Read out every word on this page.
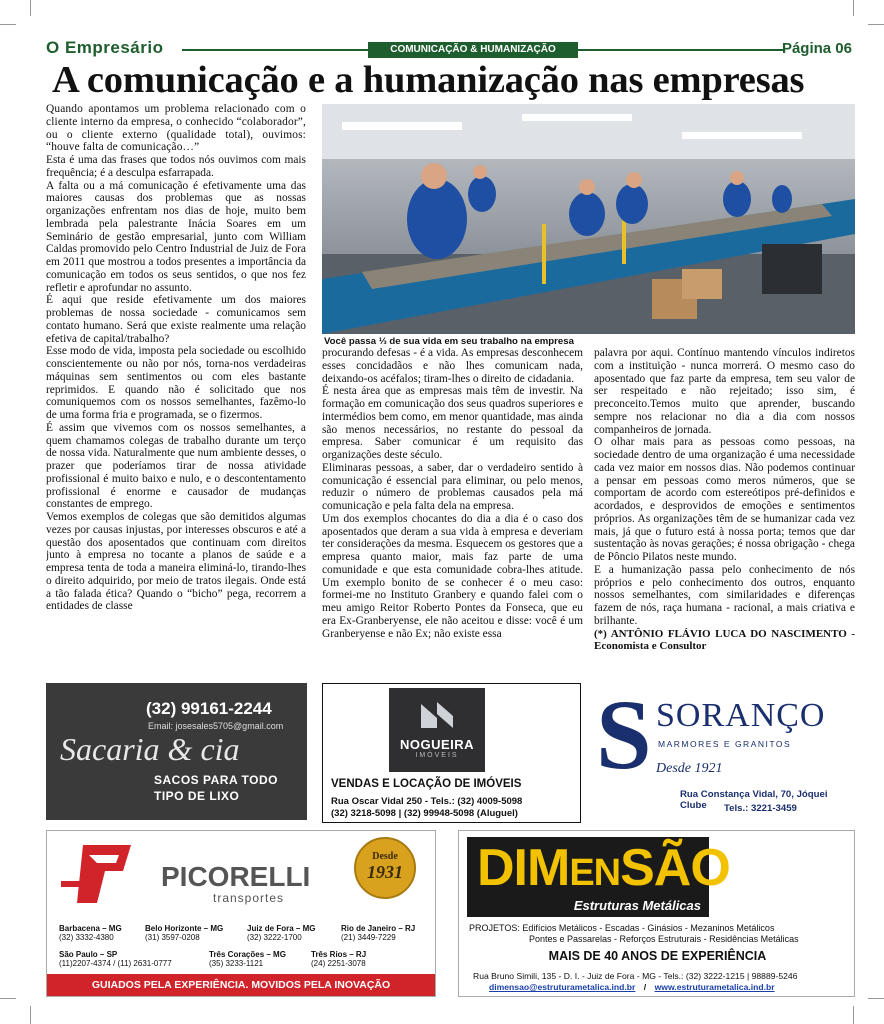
O Empresário	COMUNICAÇÃO & HUMANIZAÇÃO	Página 06
A comunicação e a humanização nas empresas

Quando apontamos um problema relacionado com o cliente interno da empresa, o conhecido “colaborador”, ou o cliente externo (qualidade total), ouvimos: “houve falta de comunicação…”

Esta é uma das frases que todos nós ouvimos com mais frequência; é a desculpa esfarrapada.

A falta ou a má comunicação é efetivamente uma das maiores causas dos problemas que as nossas organizações enfrentam nos dias de hoje, muito bem lembrada pela palestrante Inácia Soares em um Seminário de gestão empresarial, junto com William Caldas promovido pelo Centro Industrial de Juiz de Fora em 2011 que mostrou a todos presentes a importância da comunicação em todos os seus sentidos, o que nos fez refletir e aprofundar no assunto.

É aqui que reside efetivamente um dos maiores problemas de nossa sociedade - comunicamos sem contato humano. Será que existe realmente uma relação efetiva de capital/trabalho?

Esse modo de vida, imposta pela sociedade ou escolhido conscientemente ou não por nós, torna-nos verdadeiras máquinas sem sentimentos ou com eles bastante reprimidos. E quando não é solicitado que nos comuniquemos com os nossos semelhantes, fazêmo-lo de uma forma fria e programada, se o fizermos.

É assim que vivemos com os nossos semelhantes, a quem chamamos colegas de trabalho durante um terço de nossa vida. Naturalmente que num ambiente desses, o prazer que poderíamos tirar de nossa atividade profissional é muito baixo e nulo, e o descontentamento profissional é enorme e causador de mudanças constantes de emprego.

Vemos exemplos de colegas que são demitidos algumas vezes por causas injustas, por interesses obscuros e até a questão dos aposentados que continuam com direitos junto à empresa no tocante a planos de saúde e a empresa tenta de toda a maneira eliminá-lo, tirando-lhes o direito adquirido, por meio de tratos ilegais. Onde está a tão falada ética? Quando o “bicho” pega, recorrem a entidades de classe

Você passa ⅓ de sua vida em seu trabalho na empresa

procurando defesas - é a vida. As empresas desconhecem esses concidadãos e não lhes comunicam nada, deixando-os acéfalos; tiram-lhes o direito de cidadania.

É nesta área que as empresas mais têm de investir. Na formação em comunicação dos seus quadros superiores e intermédios bem como, em menor quantidade, mas ainda são menos necessários, no restante do pessoal da empresa. Saber comunicar é um requisito das organizações deste século.

Eliminaras pessoas, a saber, dar o verdadeiro sentido à comunicação é essencial para eliminar, ou pelo menos, reduzir o número de problemas causados pela má comunicação e pela falta dela na empresa.

Um dos exemplos chocantes do dia a dia é o caso dos aposentados que deram a sua vida à empresa e deveriam ter considerações da mesma. Esquecem os gestores que a empresa quanto maior, mais faz parte de uma comunidade e que esta comunidade cobra-lhes atitude. Um exemplo bonito de se conhecer é o meu caso: formei-me no Instituto Granbery e quando falei com o meu amigo Reitor Roberto Pontes da Fonseca, que eu era Ex-Granberyense, ele não aceitou e disse: você é um Granberyense e não Ex; não existe essa

palavra por aqui. Contínuo mantendo vínculos indiretos com a instituição - nunca morrerá. O mesmo caso do aposentado que faz parte da empresa, tem seu valor de ser respeitado e não rejeitado; isso sim, é preconceito.Temos muito que aprender, buscando sempre nos relacionar no dia a dia com nossos companheiros de jornada.

O olhar mais para as pessoas como pessoas, na sociedade dentro de uma organização é uma necessidade cada vez maior em nossos dias. Não podemos continuar a pensar em pessoas como meros números, que se comportam de acordo com estereótipos pré-definidos e acordados, e desprovidos de emoções e sentimentos próprios. As organizações têm de se humanizar cada vez mais, já que o futuro está à nossa porta; temos que dar sustentação às novas gerações; é nossa obrigação - chega de Pôncio Pilatos neste mundo.

E a humanização passa pelo conhecimento de nós próprios e pelo conhecimento dos outros, enquanto nossos semelhantes, com similaridades e diferenças fazem de nós, raça humana - racional, a mais criativa e brilhante.

(*) ANTÔNIO FLÁVIO LUCA DO NASCIMENTO - Economista e Consultor

(32) 99161-2244
Email: josesales5705@gmail.com
Sacaria & cia
SACOS PARA TODO
TIPO DE LIXO
NOGUEIRA
IMÓVEIS
VENDAS E LOCAÇÃO DE IMÓVEIS
Rua Oscar Vidal 250 - Tels.: (32) 4009-5098
(32) 3218-5098 | (32) 99948-5098 (Aluguel)
S SORANÇO
MARMORES E GRANITOS
Desde 1921
Rua Constança Vidal, 70, Jóquei Clube	Tels.: 3221-3459
PICORELLI
transportes
Desde
1931
Barbacena – MG
(32) 3332-4380
Belo Horizonte – MG
(31) 3597-0208
Juiz de Fora – MG
(32) 3222-1700
Rio de Janeiro – RJ
(21) 3449-7229
São Paulo – SP
(11)2207-4374 / (11) 2631-0777
Três Corações – MG
(35) 3233-1121
Três Rios – RJ
(24) 2251-3078
GUIADOS PELA EXPERIÊNCIA. MOVIDOS PELA INOVAÇÃO
DIMENSÃO
Estruturas Metálicas
PROJETOS: Edifícios Metálicos - Escadas - Ginásios - Mezaninos Metálicos
Pontes e Passarelas - Reforços Estruturais - Residências Metálicas
MAIS DE 40 ANOS DE EXPERIÊNCIA
Rua Bruno Simili, 135 - D. I. - Juiz de Fora - MG - Tels.: (32) 3222-1215 | 98889-5246
dimensao@estruturametalica.ind.br / www.estruturametalica.ind.br
